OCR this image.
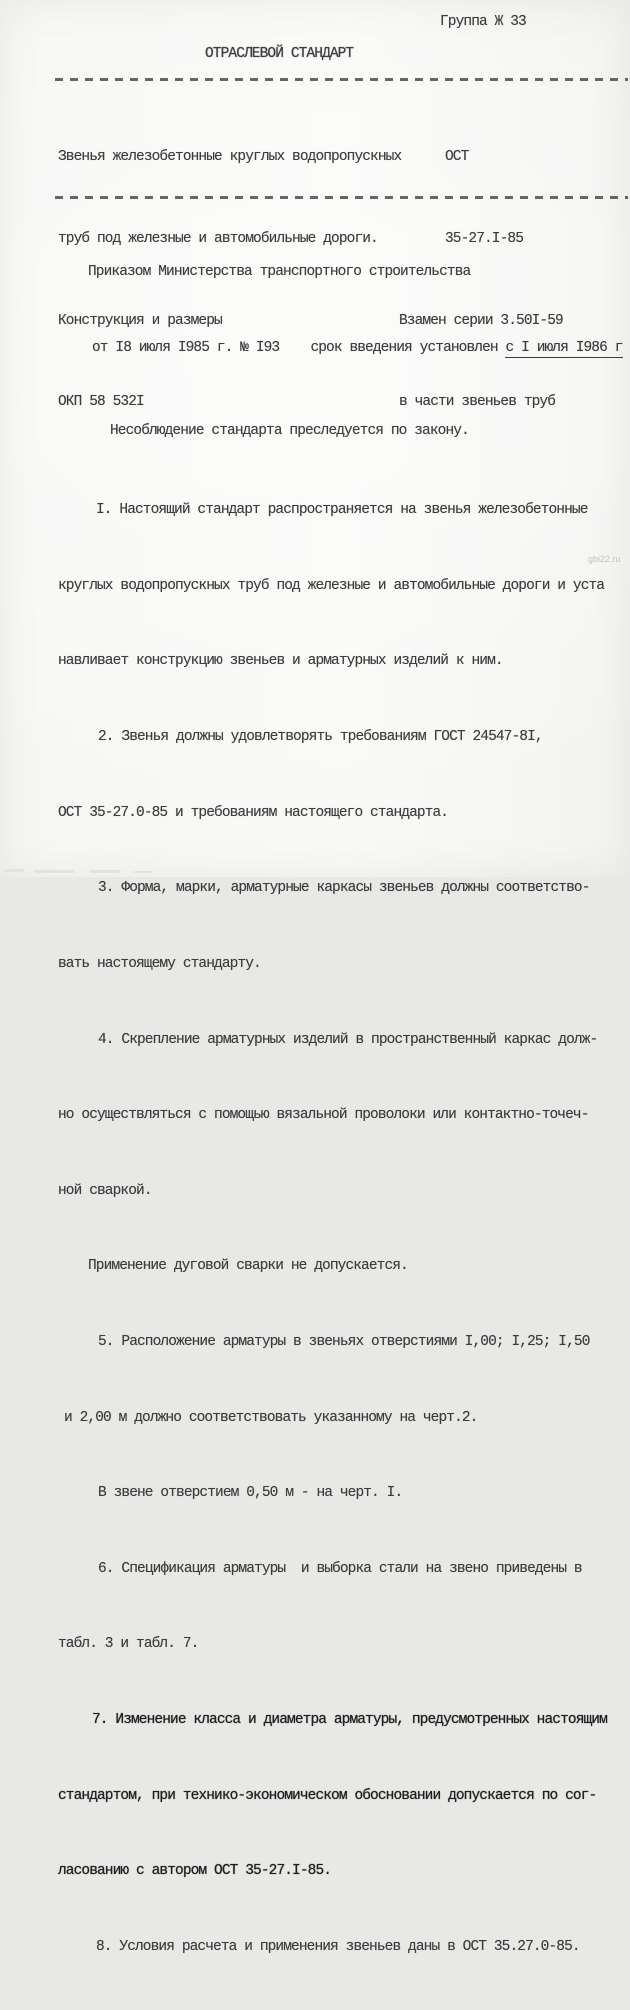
Группа Ж 33
ОТРАСЛЕВОЙ СТАНДАРТ

Звенья железобетонные круглых водопропускных

труб под железные и автомобильные дороги.

Конструкция и размеры

ОКП 58 532I

ОСТ

35-27.I-85

Взамен серии 3.50I-59

в части звеньев труб

Приказом Министерства транспортного строительства

от I8 июля I985 г. № I93    срок введения установлен с I июля I986 г

Несоблюдение стандарта преследуется по закону.

I. Настоящий стандарт распространяется на звенья железобетонные

круглых водопропускных труб под железные и автомобильные дороги и уста

навливает конструкцию звеньев и арматурных изделий к ним.

2. Звенья должны удовлетворять требованиям ГОСТ 24547-8I,

ОСТ 35-27.0-85 и требованиям настоящего стандарта.

3. Форма, марки, арматурные каркасы звеньев должны соответство-

вать настоящему стандарту.

4. Скрепление арматурных изделий в пространственный каркас долж-

но осуществляться с помощью вязальной проволоки или контактно-точеч-

ной сваркой.

Применение дуговой сварки не допускается.

5. Расположение арматуры в звеньях отверстиями I,00; I,25; I,50

и 2,00 м должно соответствовать указанному на черт.2.

В звене отверстием 0,50 м - на черт. I.

6. Спецификация арматуры  и выборка стали на звено приведены в

табл. 3 и табл. 7.

7. Изменение класса и диаметра арматуры, предусмотренных настоящим

стандартом, при технико-экономическом обосновании допускается по сог-

ласованию с автором ОСТ 35-27.I-85.

8. Условия расчета и применения звеньев даны в ОСТ 35.27.0-85.

gbi22.ru
